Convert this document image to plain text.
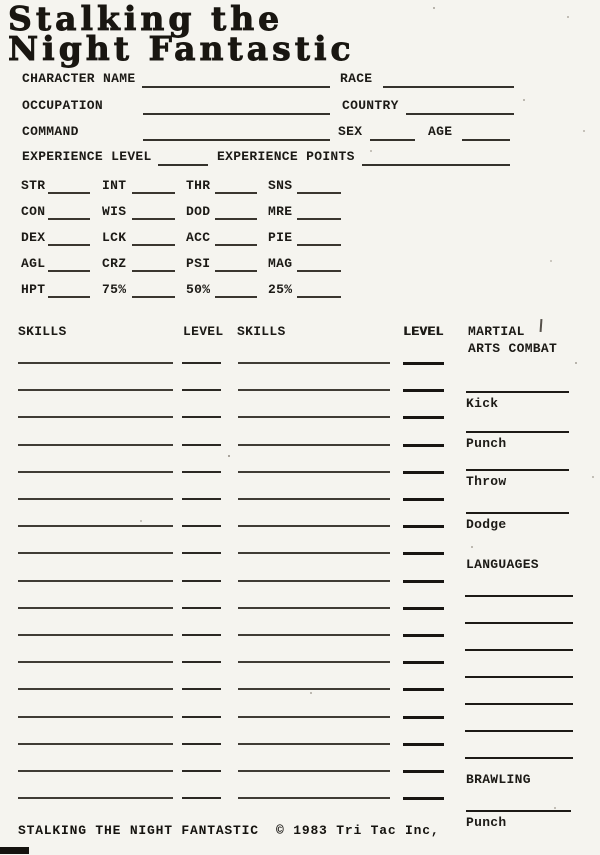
Stalking the
Night Fantastic
CHARACTER NAME	RACE
OCCUPATION	COUNTRY
COMMAND	SEX	AGE
EXPERIENCE LEVEL	EXPERIENCE POINTS
SKILLS	LEVEL SKILLS	LEVEL MARTIAL
ARTS COMBAT
LANGUAGES
BRAWLING
STALKING THE NIGHT FANTASTIC  © 1983 Tri Tac Inc,
STR	INT	THR	SNS
CON	WIS	DOD	MRE
DEX	LCK	ACC	PIE
AGL	CRZ	PSI	MAG
HPT	75%	50%	25%
Kick
Punch
Throw
Dodge
Punch
